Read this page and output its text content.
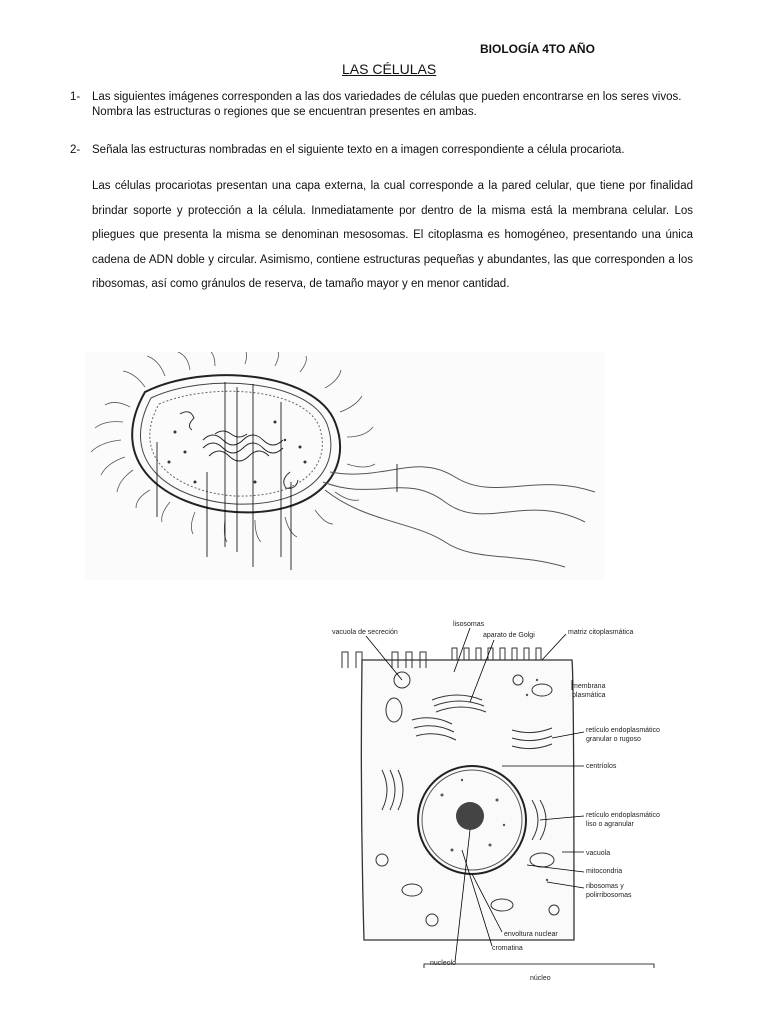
BIOLOGÍA 4TO AÑO
LAS CÉLULAS
1- Las siguientes imágenes corresponden a las dos variedades de células que pueden encontrarse en los seres vivos. Nombra las estructuras o regiones que se encuentran presentes en ambas.
2- Señala las estructuras nombradas en el siguiente texto en a imagen correspondiente a célula procariota.
Las células procariotas presentan una capa externa, la cual corresponde a la pared celular, que tiene por finalidad brindar soporte y protección a la célula. Inmediatamente por dentro de la misma está la membrana celular. Los pliegues que presenta la misma se denominan mesosomas. El citoplasma es homogéneo, presentando una única cadena de ADN doble y circular. Asimismo, contiene estructuras pequeñas y abundantes, las que corresponden a los ribosomas, así como gránulos de reserva, de tamaño mayor y en menor cantidad.
vacuola de secreción
lisosomas
aparato de Golgi	matriz citoplasmática
membrana
plasmática
retículo endoplasmático
granular o rugoso
centríolos
retículo endoplasmático
liso o agranular
vacuola
mitocondria
ribosomas y
polirribosomas
envoltura nuclear
cromatina
nucleolo
núcleo
